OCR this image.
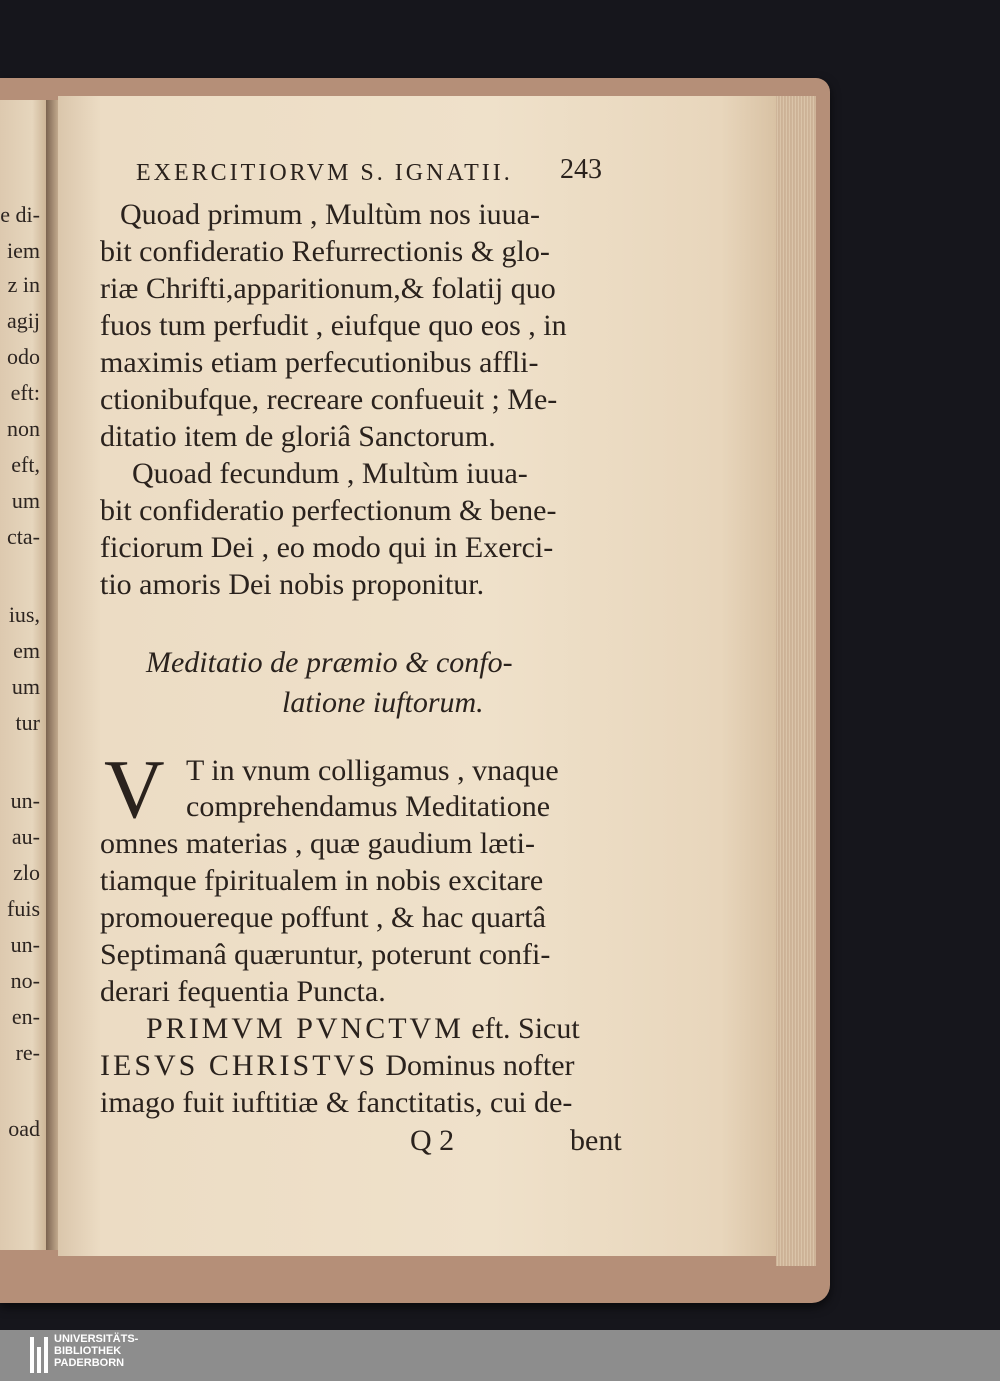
e di-
iem
z in
agij
odo
eft:
non
eft,
um
cta-
ius,
em
um
tur
un-
au-
zlo
fuis
un-
no-
en-
re-
oad
EXERCITIORVM S. IGNATII. 243
Quoad primum , Multùm nos iuua-
bit confideratio Refurrectionis & glo-
riæ Chrifti,apparitionum,& folatij quo
fuos tum perfudit , eiufque quo eos , in
maximis etiam perfecutionibus affli-
ctionibufque, recreare confueuit ; Me-
ditatio item de gloriâ Sanctorum.
Quoad fecundum , Multùm iuua-
bit confideratio perfectionum & bene-
ficiorum Dei , eo modo qui in Exerci-
tio amoris Dei nobis proponitur.
Meditatio de præmio & confo-
latione iuftorum.
V T in vnum colligamus , vnaque
comprehendamus Meditatione
omnes materias , quæ gaudium læti-
tiamque fpiritualem in nobis excitare
promouereque poffunt , & hac quartâ
Septimanâ quæruntur, poterunt confi-
derari fequentia Puncta.
PRIMVM PVNCTVM eft. Sicut
IESVS CHRISTVS Dominus nofter
imago fuit iuftitiæ & fanctitatis, cui de-
Q 2	bent
UNIVERSITÄTS-
BIBLIOTHEK
PADERBORN
